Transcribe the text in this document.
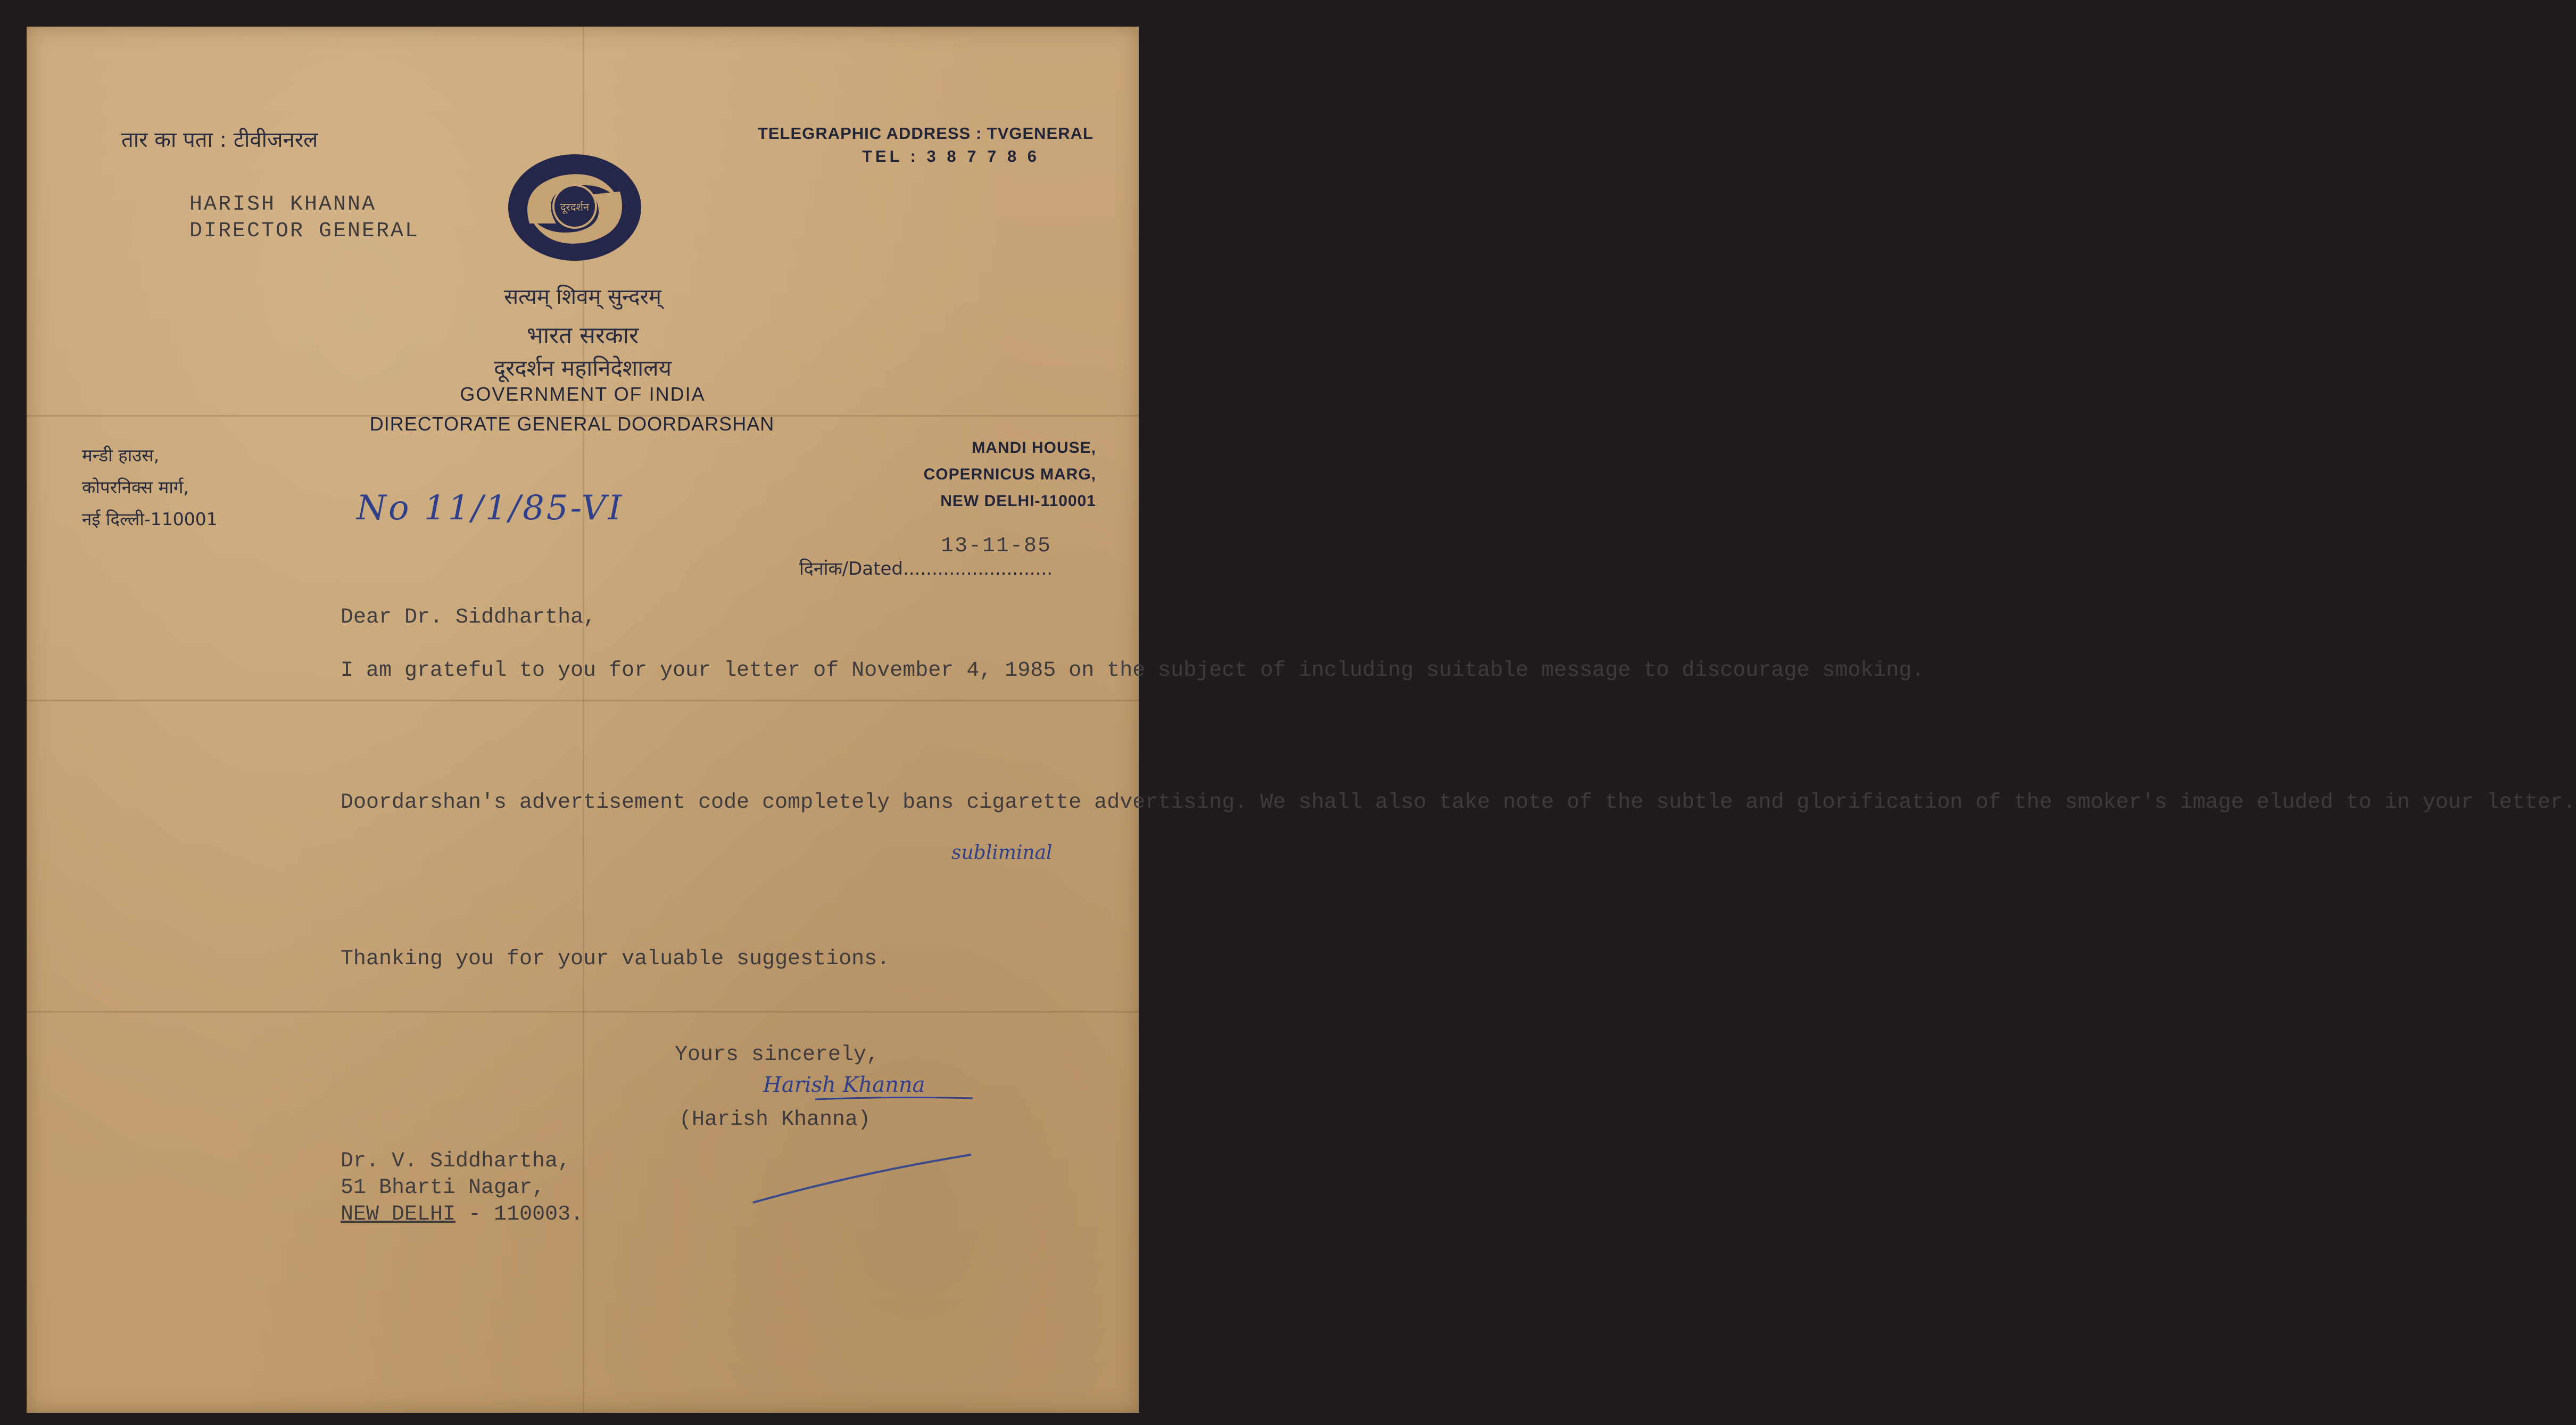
तार का पता : टीवीजनरल	TELEGRAPHIC ADDRESS : TVGENERAL

TEL : 3 8 7 7 8 6

HARISH KHANNA

DIRECTOR GENERAL

दूरदर्शन

सत्यम् शिवम् सुन्दरम्

भारत सरकार

दूरदर्शन महानिदेशालय

GOVERNMENT OF INDIA

DIRECTORATE GENERAL DOORDARSHAN

मन्डी हाउस,

कोपरनिक्स मार्ग,

नई दिल्ली-110001

MANDI HOUSE,

COPERNICUS MARG,

NEW DELHI-110001

No 11/1/85-VI

13-11-85

दिनांक/Dated..........................

Dear Dr. Siddhartha,

I am grateful to you for your letter of November 4, 1985 on the subject of including suitable message to discourage smoking.
Doordarshan's advertisement code completely bans cigarette advertising. We shall also take note of the subtle and glorification of the smoker's image eluded to in your letter.

subliminal

Thanking you for your valuable suggestions.

Yours sincerely,

Harish Khanna

(Harish Khanna)

Dr. V. Siddhartha,

51 Bharti Nagar,

NEW DELHI - 110003.
